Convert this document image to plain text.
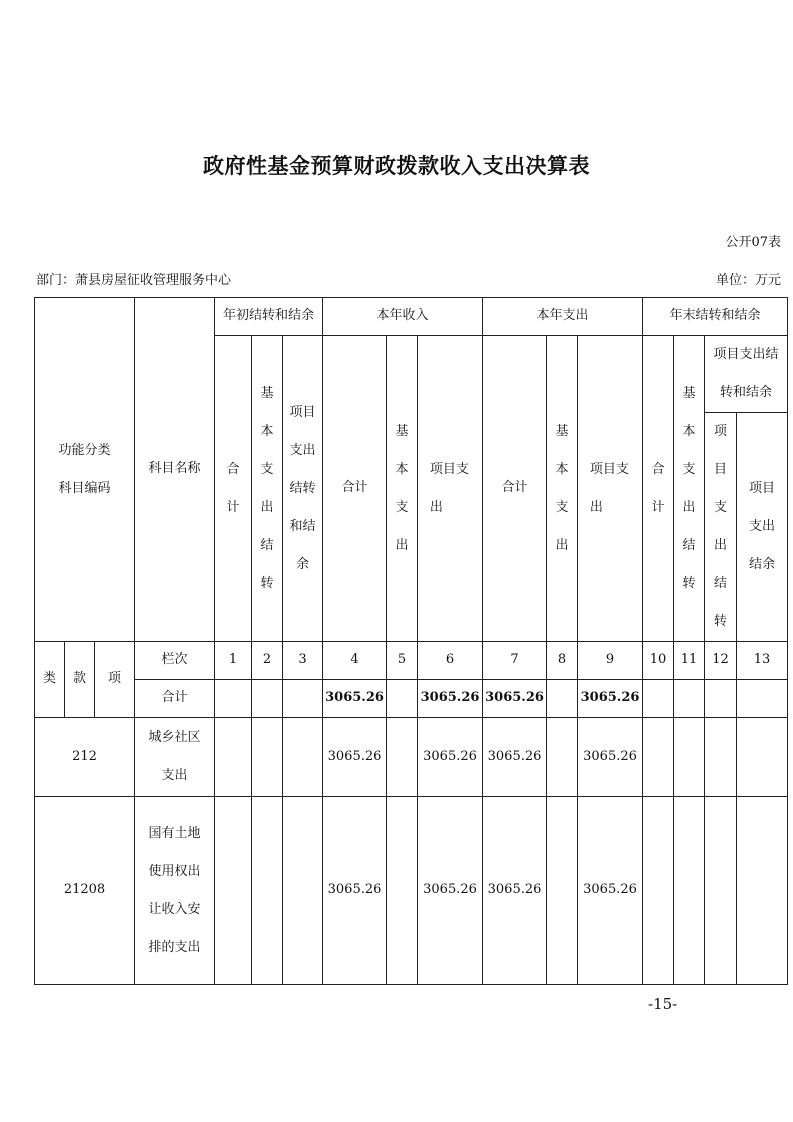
政府性基金预算财政拨款收入支出决算表
公开07表
部门：萧县房屋征收管理服务中心	单位：万元
功能分类科目编码			科目名称	年初结转和结余			本年收入			本年支出			年末结转和结余			
				合计	基本支出结转	项目支出结转和结余	合计	基本支出	项目支出	合计	基本支出	项目支出	合计	基本支出结转	项目支出结转和结余	
															项目支出结转	项目支出结余
类	款	项	栏次	1	2	3	4	5	6	7	8	9	10	11	12	13
			合计				3065.26		3065.26	3065.26		3065.26				
212			城乡社区支出				3065.26		3065.26	3065.26		3065.26				
21208			国有土地使用权出让收入安排的支出				3065.26		3065.26	3065.26		3065.26				
-15-
